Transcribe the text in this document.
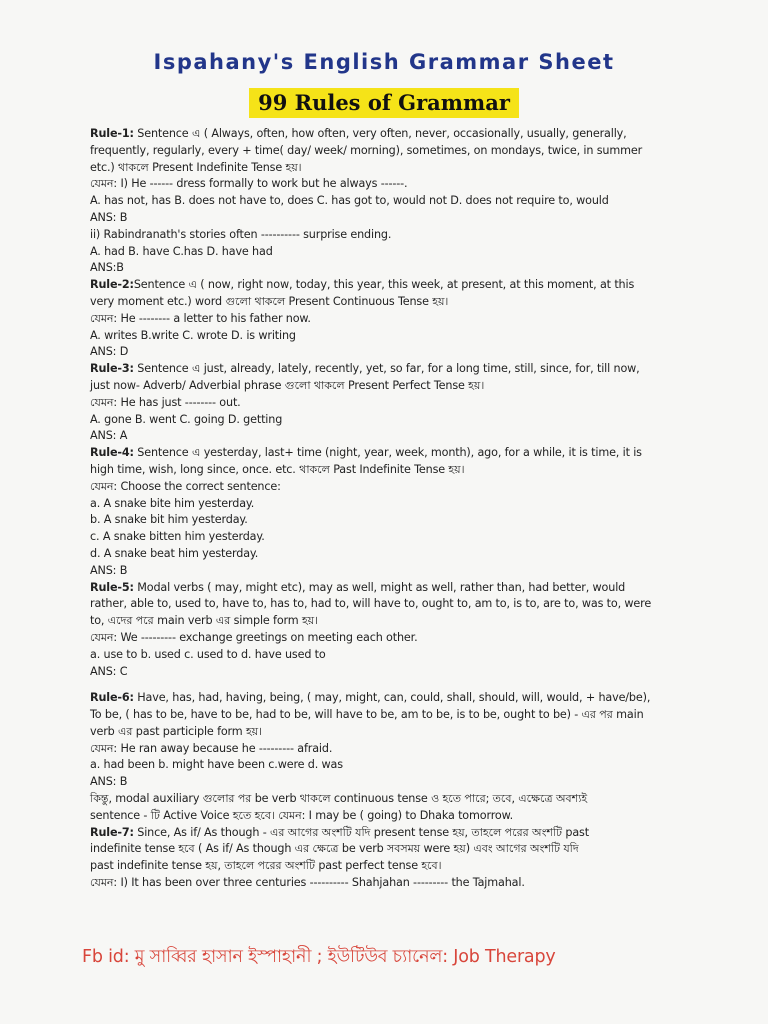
Ispahany's English Grammar Sheet
99 Rules of Grammar

Rule-1: Sentence এ ( Always, often, how often, very often, never, occasionally, usually, generally,

frequently, regularly, every + time( day/ week/ morning), sometimes, on mondays, twice, in summer

etc.) থাকলে Present Indefinite Tense হয়।

যেমন: I) He ------ dress formally to work but he always ------.

A. has not, has B. does not have to, does C. has got to, would not D. does not require to, would

ANS: B

ii) Rabindranath's stories often ---------- surprise ending.

A. had B. have C.has D. have had

ANS:B

Rule-2:Sentence এ ( now, right now, today, this year, this week, at present, at this moment, at this

very moment etc.) word গুলো থাকলে Present Continuous Tense হয়।

যেমন: He -------- a letter to his father now.

A. writes B.write C. wrote D. is writing

ANS: D

Rule-3: Sentence এ just, already, lately, recently, yet, so far, for a long time, still, since, for, till now,

just now- Adverb/ Adverbial phrase গুলো থাকলে Present Perfect Tense হয়।

যেমন: He has just -------- out.

A. gone B. went C. going D. getting

ANS: A

Rule-4: Sentence এ yesterday, last+ time (night, year, week, month), ago, for a while, it is time, it is

high time, wish, long since, once. etc. থাকলে Past Indefinite Tense হয়।

যেমন: Choose the correct sentence:

a. A snake bite him yesterday.

b. A snake bit him yesterday.

c. A snake bitten him yesterday.

d. A snake beat him yesterday.

ANS: B

Rule-5: Modal verbs ( may, might etc), may as well, might as well, rather than, had better, would

rather, able to, used to, have to, has to, had to, will have to, ought to, am to, is to, are to, was to, were

to, এদের পরে main verb এর simple form হয়।

যেমন: We --------- exchange greetings on meeting each other.

a. use to b. used c. used to d. have used to

ANS: C

Rule-6: Have, has, had, having, being, ( may, might, can, could, shall, should, will, would, + have/be),

To be, ( has to be, have to be, had to be, will have to be, am to be, is to be, ought to be) - এর পর main

verb এর past participle form হয়।

যেমন: He ran away because he --------- afraid.

a. had been b. might have been c.were d. was

ANS: B

কিন্তু, modal auxiliary গুলোর পর be verb থাকলে continuous tense ও হতে পারে; তবে, এক্ষেত্রে অবশ্যই

sentence - টি Active Voice হতে হবে। যেমন: I may be ( going) to Dhaka tomorrow.

Rule-7: Since, As if/ As though - এর আগের অংশটি যদি present tense হয়, তাহলে পরের অংশটি past

indefinite tense হবে ( As if/ As though এর ক্ষেত্রে be verb সবসময় were হয়) এবং আগের অংশটি যদি

past indefinite tense হয়, তাহলে পরের অংশটি past perfect tense হবে।

যেমন: I) It has been over three centuries ---------- Shahjahan --------- the Tajmahal.

Fb id: মু সাব্বির হাসান ইস্পাহানী ; ইউটিউব চ্যানেল: Job Therapy
